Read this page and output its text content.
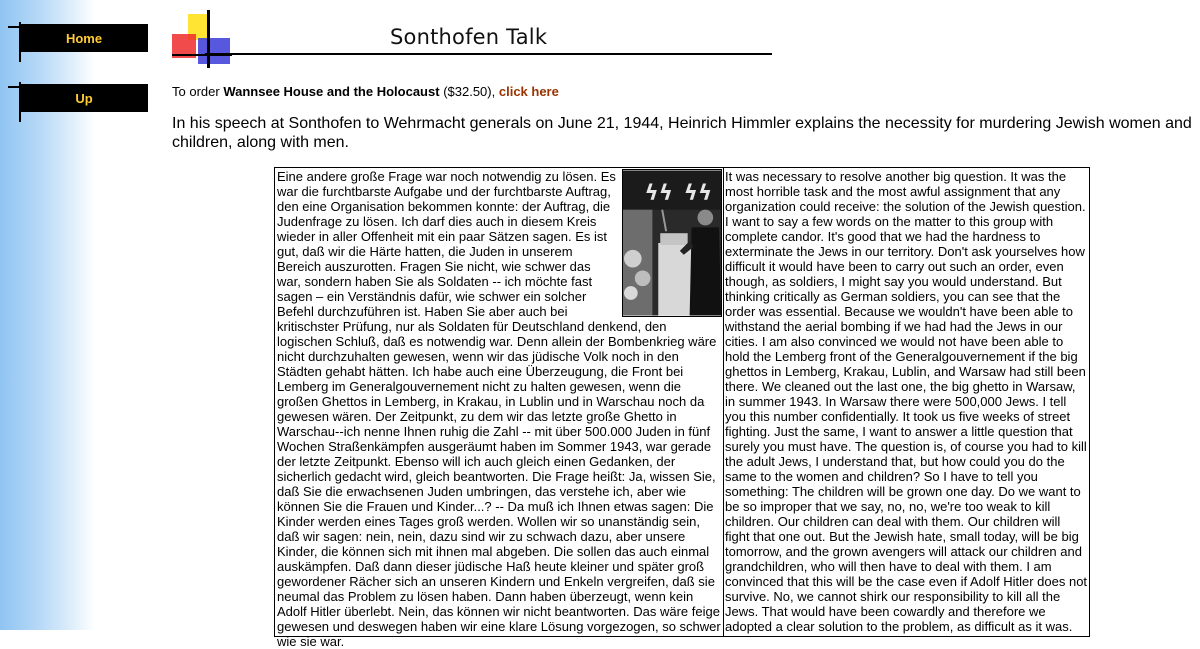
Home
Up
Sonthofen Talk
To order Wannsee House and the Holocaust ($32.50), click here
In his speech at Sonthofen to Wehrmacht generals on June 21, 1944, Heinrich Himmler explains the necessity for murdering Jewish women and children, along with men.
ϟϟ ϟϟ
Eine andere große Frage war noch notwendig zu lösen. Es war die furchtbarste Aufgabe und der furchtbarste Auftrag, den eine Organisation bekommen konnte: der Auftrag, die Judenfrage zu lösen. Ich darf dies auch in diesem Kreis wieder in aller Offenheit mit ein paar Sätzen sagen. Es ist gut, daß wir die Härte hatten, die Juden in unserem Bereich auszurotten. Fragen Sie nicht, wie schwer das war, sondern haben Sie als Soldaten -- ich möchte fast sagen – ein Verständnis dafür, wie schwer ein solcher Befehl durchzuführen ist. Haben Sie aber auch bei kritischster Prüfung, nur als Soldaten für Deutschland denkend, den logischen Schluß, daß es notwendig war. Denn allein der Bombenkrieg wäre nicht durchzuhalten gewesen, wenn wir das jüdische Volk noch in den Städten gehabt hätten. Ich habe auch eine Überzeugung, die Front bei Lemberg im Generalgouvernement nicht zu halten gewesen, wenn die großen Ghettos in Lemberg, in Krakau, in Lublin und in Warschau noch da gewesen wären. Der Zeitpunkt, zu dem wir das letzte große Ghetto in Warschau--ich nenne Ihnen ruhig die Zahl -- mit über 500.000 Juden in fünf Wochen Straßenkämpfen ausgeräumt haben im Sommer 1943, war gerade der letzte Zeitpunkt. Ebenso will ich auch gleich einen Gedanken, der sicherlich gedacht wird, gleich beantworten. Die Frage heißt: Ja, wissen Sie, daß Sie die erwachsenen Juden umbringen, das verstehe ich, aber wie können Sie die Frauen und Kinder...? -- Da muß ich Ihnen etwas sagen: Die Kinder werden eines Tages groß werden. Wollen wir so unanständig sein, daß wir sagen: nein, nein, dazu sind wir zu schwach dazu, aber unsere Kinder, die können sich mit ihnen mal abgeben. Die sollen das auch einmal auskämpfen. Daß dann dieser jüdische Haß heute kleiner und später groß gewordener Rächer sich an unseren Kindern und Enkeln vergreifen, daß sie neumal das Problem zu lösen haben. Dann haben überzeugt, wenn kein Adolf Hitler überlebt. Nein, das können wir nicht beantworten. Das wäre feige gewesen und deswegen haben wir eine klare Lösung vorgezogen, so schwer wie sie war.
It was necessary to resolve another big question. It was the most horrible task and the most awful assignment that any organization could receive: the solution of the Jewish question. I want to say a few words on the matter to this group with complete candor. It's good that we had the hardness to exterminate the Jews in our territory. Don't ask yourselves how difficult it would have been to carry out such an order, even though, as soldiers, I might say you would understand. But thinking critically as German soldiers, you can see that the order was essential. Because we wouldn't have been able to withstand the aerial bombing if we had had the Jews in our cities. I am also convinced we would not have been able to hold the Lemberg front of the Generalgouvernement if the big ghettos in Lemberg, Krakau, Lublin, and Warsaw had still been there. We cleaned out the last one, the big ghetto in Warsaw, in summer 1943. In Warsaw there were 500,000 Jews. I tell you this number confidentially. It took us five weeks of street fighting. Just the same, I want to answer a little question that surely you must have. The question is, of course you had to kill the adult Jews, I understand that, but how could you do the same to the women and children? So I have to tell you something: The children will be grown one day. Do we want to be so improper that we say, no, no, we're too weak to kill children. Our children can deal with them. Our children will fight that one out. But the Jewish hate, small today, will be big tomorrow, and the grown avengers will attack our children and grandchildren, who will then have to deal with them. I am convinced that this will be the case even if Adolf Hitler does not survive. No, we cannot shirk our responsibility to kill all the Jews. That would have been cowardly and therefore we adopted a clear solution to the problem, as difficult as it was.
